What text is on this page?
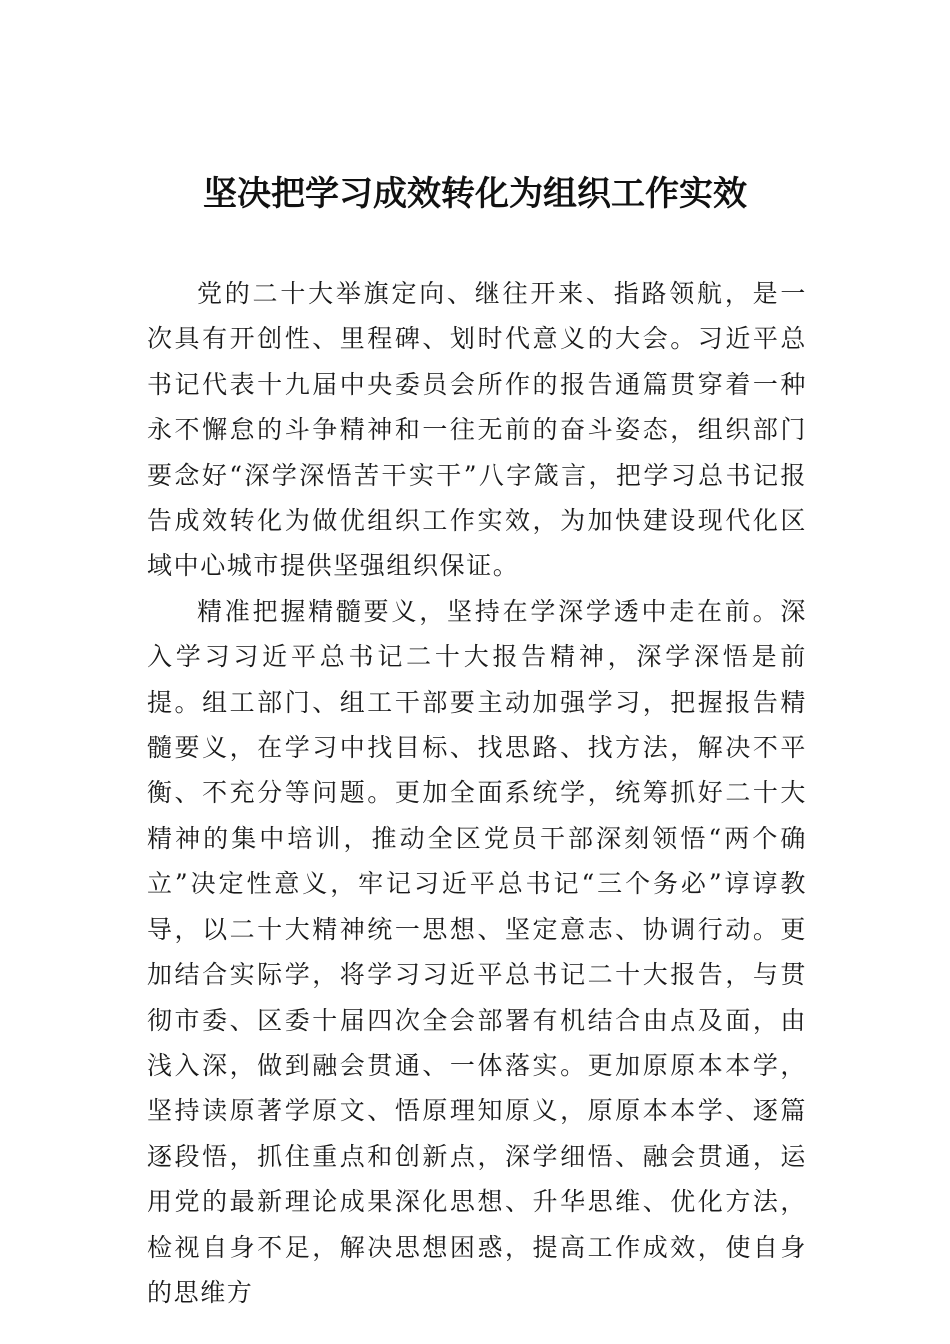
坚决把学习成效转化为组织工作实效

党的二十大举旗定向、继往开来、指路领航，是一次具有开创性、里程碑、划时代意义的大会。习近平总书记代表十九届中央委员会所作的报告通篇贯穿着一种永不懈怠的斗争精神和一往无前的奋斗姿态，组织部门要念好“深学深悟苦干实干”八字箴言，把学习总书记报告成效转化为做优组织工作实效，为加快建设现代化区域中心城市提供坚强组织保证。

精准把握精髓要义，坚持在学深学透中走在前。深入学习习近平总书记二十大报告精神，深学深悟是前提。组工部门、组工干部要主动加强学习，把握报告精髓要义，在学习中找目标、找思路、找方法，解决不平衡、不充分等问题。更加全面系统学，统筹抓好二十大精神的集中培训，推动全区党员干部深刻领悟“两个确立”决定性意义，牢记习近平总书记“三个务必”谆谆教导，以二十大精神统一思想、坚定意志、协调行动。更加结合实际学，将学习习近平总书记二十大报告，与贯彻市委、区委十届四次全会部署有机结合由点及面，由浅入深，做到融会贯通、一体落实。更加原原本本学，坚持读原著学原文、悟原理知原义，原原本本学、逐篇逐段悟，抓住重点和创新点，深学细悟、融会贯通，运用党的最新理论成果深化思想、升华思维、优化方法，检视自身不足，解决思想困惑，提高工作成效，使自身的思维方
